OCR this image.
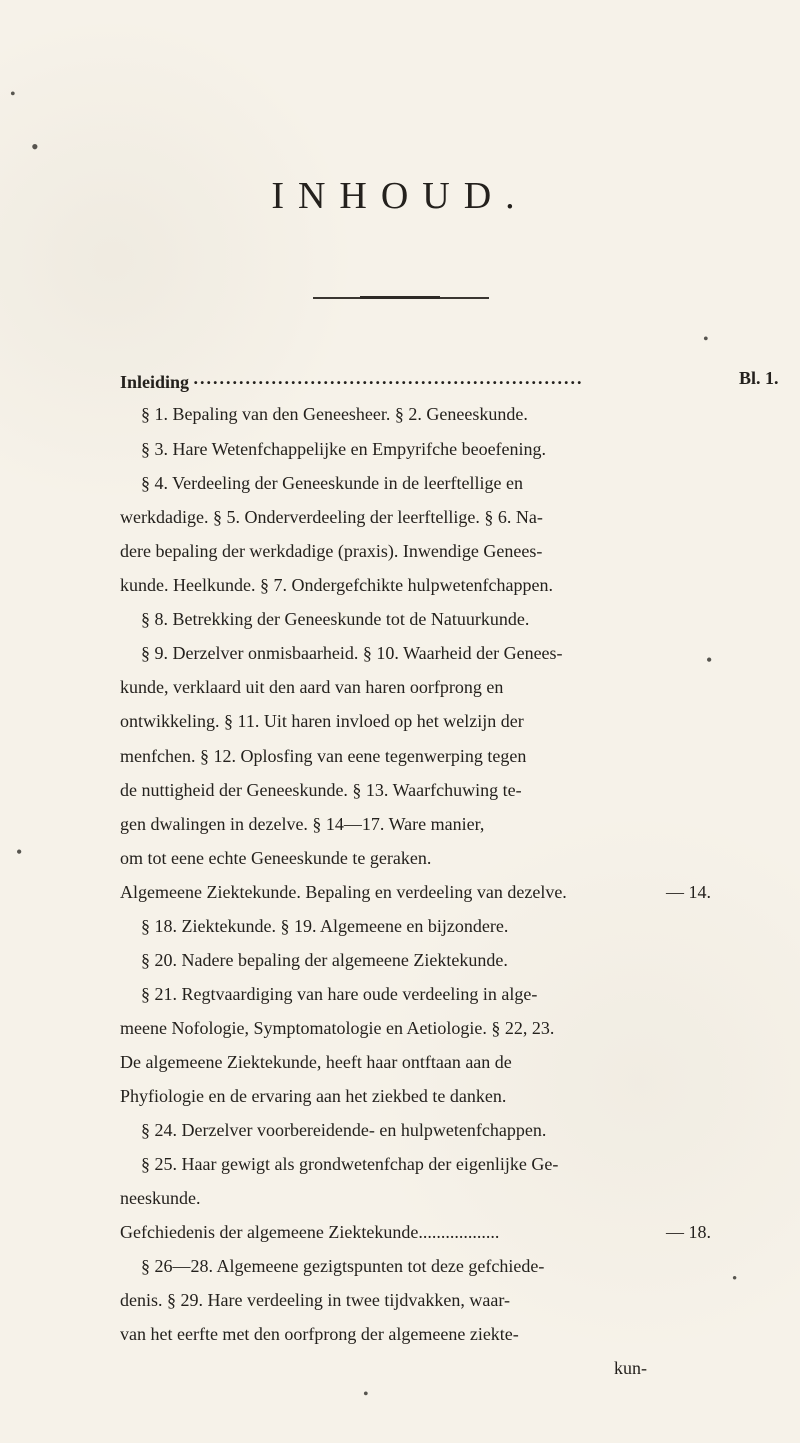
INHOUD.
Inleiding ............................................................	Bl. 1.
§ 1. Bepaling van den Geneesheer. § 2. Geneeskunde.
§ 3. Hare Wetenfchappelijke en Empyrifche beoefening.
§ 4. Verdeeling der Geneeskunde in de leerftellige en
werkdadige. § 5. Onderverdeeling der leerftellige. § 6. Na-
dere bepaling der werkdadige (praxis). Inwendige Genees-
kunde. Heelkunde. § 7. Ondergefchikte hulpwetenfchappen.
§ 8. Betrekking der Geneeskunde tot de Natuurkunde.
§ 9. Derzelver onmisbaarheid. § 10. Waarheid der Genees-
kunde, verklaard uit den aard van haren oorfprong en
ontwikkeling. § 11. Uit haren invloed op het welzijn der
menfchen. § 12. Oplosfing van eene tegenwerping tegen
de nuttigheid der Geneeskunde. § 13. Waarfchuwing te-
gen dwalingen in dezelve. § 14—17. Ware manier,
om tot eene echte Geneeskunde te geraken.
Algemeene Ziektekunde. Bepaling en verdeeling van dezelve.	— 14.
§ 18. Ziektekunde. § 19. Algemeene en bijzondere.
§ 20. Nadere bepaling der algemeene Ziektekunde.
§ 21. Regtvaardiging van hare oude verdeeling in alge-
meene Nofologie, Symptomatologie en Aetiologie. § 22, 23.
De algemeene Ziektekunde, heeft haar ontftaan aan de
Phyfiologie en de ervaring aan het ziekbed te danken.
§ 24. Derzelver voorbereidende- en hulpwetenfchappen.
§ 25. Haar gewigt als grondwetenfchap der eigenlijke Ge-
neeskunde.
Gefchiedenis der algemeene Ziektekunde..................	— 18.
§ 26—28. Algemeene gezigtspunten tot deze gefchiede-
denis. § 29. Hare verdeeling in twee tijdvakken, waar-
van het eerfte met den oorfprong der algemeene ziekte-
kun-
•
•
•
•
•
•
•
